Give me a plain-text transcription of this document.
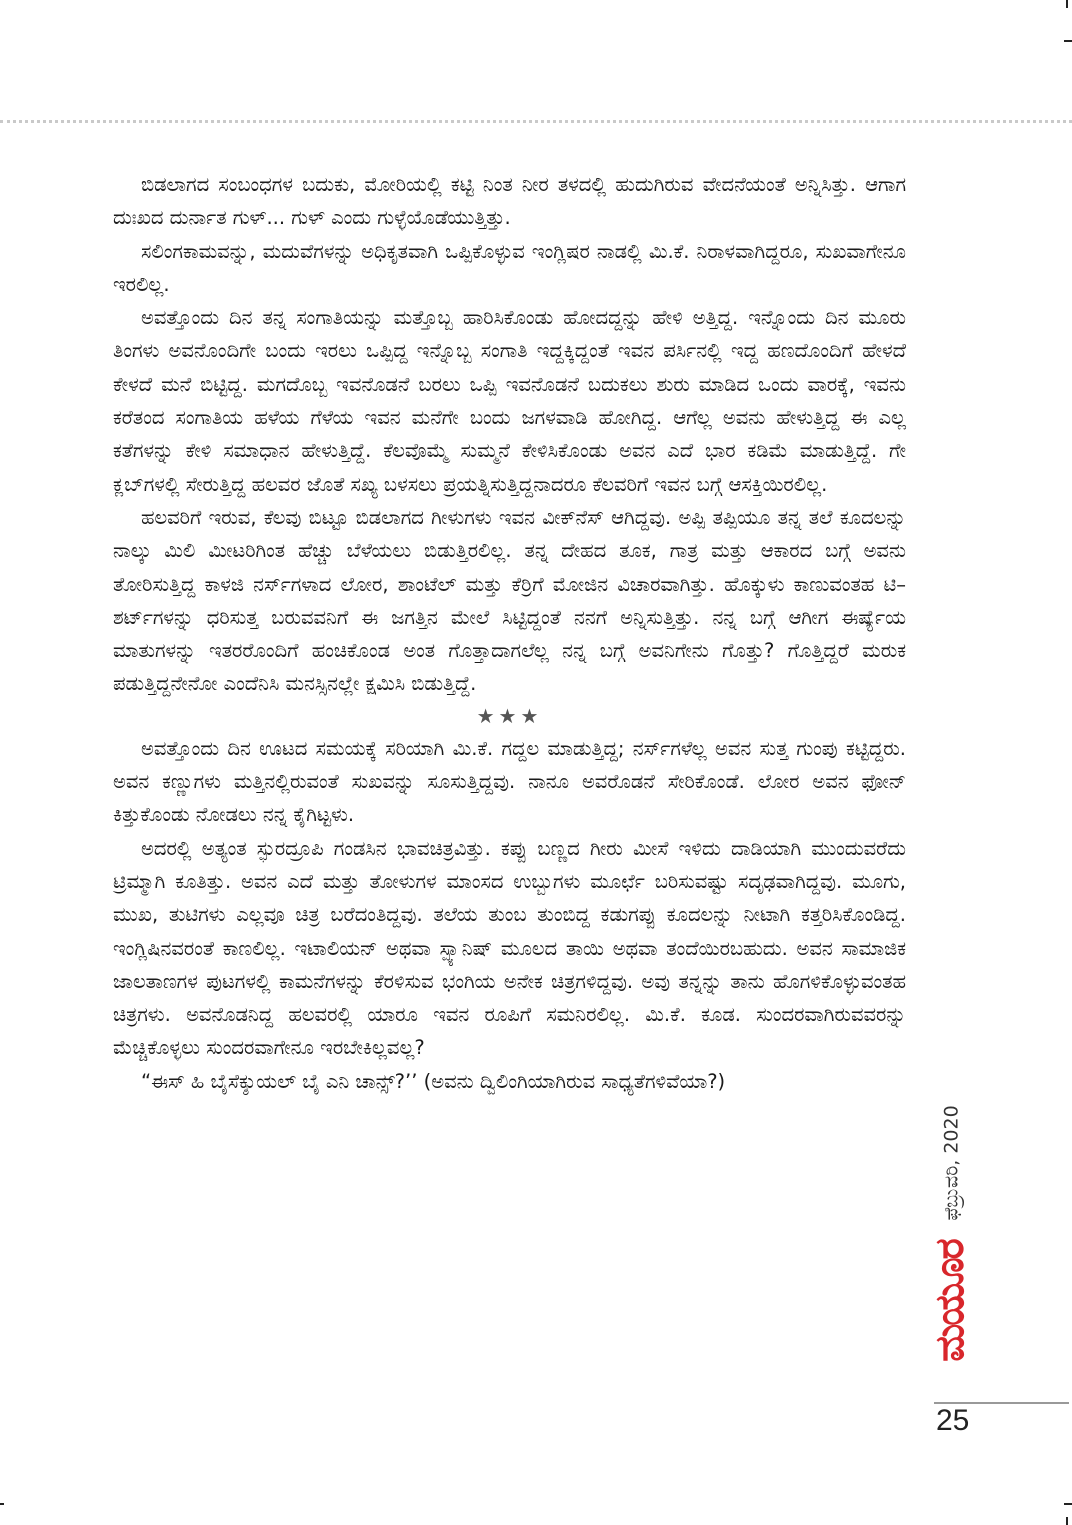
ಬಿಡಲಾಗದ ಸಂಬಂಧಗಳ ಬದುಕು, ಮೋರಿಯಲ್ಲಿ ಕಟ್ಟಿ ನಿಂತ ನೀರ ತಳದಲ್ಲಿ ಹುದುಗಿರುವ ವೇದನೆಯಂತೆ ಅನ್ನಿಸಿತ್ತು. ಆಗಾಗ ದುಃಖದ ದುರ್ನಾತ ಗುಳ್... ಗುಳ್ ಎಂದು ಗುಳ್ಳೆಯೊಡೆಯುತ್ತಿತ್ತು.

ಸಲಿಂಗಕಾಮವನ್ನು, ಮದುವೆಗಳನ್ನು ಅಧಿಕೃತವಾಗಿ ಒಪ್ಪಿಕೊಳ್ಳುವ ಇಂಗ್ಲಿಷರ ನಾಡಲ್ಲಿ ಮಿ.ಕೆ. ನಿರಾಳವಾಗಿದ್ದರೂ, ಸುಖವಾಗೇನೂ ಇರಲಿಲ್ಲ.

ಅವತ್ತೊಂದು ದಿನ ತನ್ನ ಸಂಗಾತಿಯನ್ನು ಮತ್ತೊಬ್ಬ ಹಾರಿಸಿಕೊಂಡು ಹೋದದ್ದನ್ನು ಹೇಳಿ ಅತ್ತಿದ್ದ. ಇನ್ನೊಂದು ದಿನ ಮೂರು ತಿಂಗಳು ಅವನೊಂದಿಗೇ ಬಂದು ಇರಲು ಒಪ್ಪಿದ್ದ ಇನ್ನೊಬ್ಬ ಸಂಗಾತಿ ಇದ್ದಕ್ಕಿದ್ದಂತೆ ಇವನ ಪರ್ಸಿನಲ್ಲಿ ಇದ್ದ ಹಣದೊಂದಿಗೆ ಹೇಳದೆ ಕೇಳದೆ ಮನೆ ಬಿಟ್ಟಿದ್ದ. ಮಗದೊಬ್ಬ ಇವನೊಡನೆ ಬರಲು ಒಪ್ಪಿ ಇವನೊಡನೆ ಬದುಕಲು ಶುರು ಮಾಡಿದ ಒಂದು ವಾರಕ್ಕೆ, ಇವನು ಕರೆತಂದ ಸಂಗಾತಿಯ ಹಳೆಯ ಗೆಳೆಯ ಇವನ ಮನೆಗೇ ಬಂದು ಜಗಳವಾಡಿ ಹೋಗಿದ್ದ. ಆಗೆಲ್ಲ ಅವನು ಹೇಳುತ್ತಿದ್ದ ಈ ಎಲ್ಲ ಕತೆಗಳನ್ನು ಕೇಳಿ ಸಮಾಧಾನ ಹೇಳುತ್ತಿದ್ದೆ. ಕೆಲವೊಮ್ಮೆ ಸುಮ್ಮನೆ ಕೇಳಿಸಿಕೊಂಡು ಅವನ ಎದೆ ಭಾರ ಕಡಿಮೆ ಮಾಡುತ್ತಿದ್ದೆ. ಗೇ ಕ್ಲಬ್‌ಗಳಲ್ಲಿ ಸೇರುತ್ತಿದ್ದ ಹಲವರ ಜೊತೆ ಸಖ್ಯ ಬಳಸಲು ಪ್ರಯತ್ನಿಸುತ್ತಿದ್ದನಾದರೂ ಕೆಲವರಿಗೆ ಇವನ ಬಗ್ಗೆ ಆಸಕ್ತಿಯಿರಲಿಲ್ಲ.

ಹಲವರಿಗೆ ಇರುವ, ಕೆಲವು ಬಿಟ್ಟೂ ಬಿಡಲಾಗದ ಗೀಳುಗಳು ಇವನ ವೀಕ್‌ನೆಸ್ ಆಗಿದ್ದವು. ಅಪ್ಪಿ ತಪ್ಪಿಯೂ ತನ್ನ ತಲೆ ಕೂದಲನ್ನು ನಾಲ್ಕು ಮಿಲಿ ಮೀಟರಿಗಿಂತ ಹೆಚ್ಚು ಬೆಳೆಯಲು ಬಿಡುತ್ತಿರಲಿಲ್ಲ. ತನ್ನ ದೇಹದ ತೂಕ, ಗಾತ್ರ ಮತ್ತು ಆಕಾರದ ಬಗ್ಗೆ ಅವನು ತೋರಿಸುತ್ತಿದ್ದ ಕಾಳಜಿ ನರ್ಸ್‌ಗಳಾದ ಲೋರ, ಶಾಂಟೆಲ್ ಮತ್ತು ಕೆರ್ರಿಗೆ ಮೋಜಿನ ವಿಚಾರವಾಗಿತ್ತು. ಹೊಕ್ಕುಳು ಕಾಣುವಂತಹ ಟಿ–ಶರ್ಟ್‌ಗಳನ್ನು ಧರಿಸುತ್ತ ಬರುವವನಿಗೆ ಈ ಜಗತ್ತಿನ ಮೇಲೆ ಸಿಟ್ಟಿದ್ದಂತೆ ನನಗೆ ಅನ್ನಿಸುತ್ತಿತ್ತು. ನನ್ನ ಬಗ್ಗೆ ಆಗೀಗ ಈರ್ಷ್ಯೆಯ ಮಾತುಗಳನ್ನು ಇತರರೊಂದಿಗೆ ಹಂಚಿಕೊಂಡ ಅಂತ ಗೊತ್ತಾದಾಗಲೆಲ್ಲ ನನ್ನ ಬಗ್ಗೆ ಅವನಿಗೇನು ಗೊತ್ತು? ಗೊತ್ತಿದ್ದರೆ ಮರುಕ ಪಡುತ್ತಿದ್ದನೇನೋ ಎಂದೆನಿಸಿ ಮನಸ್ಸಿನಲ್ಲೇ ಕ್ಷಮಿಸಿ ಬಿಡುತ್ತಿದ್ದೆ.

★★★

ಅವತ್ತೊಂದು ದಿನ ಊಟದ ಸಮಯಕ್ಕೆ ಸರಿಯಾಗಿ ಮಿ.ಕೆ. ಗದ್ದಲ ಮಾಡುತ್ತಿದ್ದ; ನರ್ಸ್‌ಗಳೆಲ್ಲ ಅವನ ಸುತ್ತ ಗುಂಪು ಕಟ್ಟಿದ್ದರು. ಅವನ ಕಣ್ಣುಗಳು ಮತ್ತಿನಲ್ಲಿರುವಂತೆ ಸುಖವನ್ನು ಸೂಸುತ್ತಿದ್ದವು. ನಾನೂ ಅವರೊಡನೆ ಸೇರಿಕೊಂಡೆ. ಲೋರ ಅವನ ಫೋನ್ ಕಿತ್ತುಕೊಂಡು ನೋಡಲು ನನ್ನ ಕೈಗಿಟ್ಟಳು.

ಅದರಲ್ಲಿ ಅತ್ಯಂತ ಸ್ಫುರದ್ರೂಪಿ ಗಂಡಸಿನ ಭಾವಚಿತ್ರವಿತ್ತು. ಕಪ್ಪು ಬಣ್ಣದ ಗೀರು ಮೀಸೆ ಇಳಿದು ದಾಡಿಯಾಗಿ ಮುಂದುವರೆದು ಟ್ರಿಮ್ಮಾಗಿ ಕೂತಿತ್ತು. ಅವನ ಎದೆ ಮತ್ತು ತೋಳುಗಳ ಮಾಂಸದ ಉಬ್ಬುಗಳು ಮೂರ್ಛೆ ಬರಿಸುವಷ್ಟು ಸದೃಢವಾಗಿದ್ದವು. ಮೂಗು, ಮುಖ, ತುಟಿಗಳು ಎಲ್ಲವೂ ಚಿತ್ರ ಬರೆದಂತಿದ್ದವು. ತಲೆಯ ತುಂಬ ತುಂಬಿದ್ದ ಕಡುಗಪ್ಪು ಕೂದಲನ್ನು ನೀಟಾಗಿ ಕತ್ತರಿಸಿಕೊಂಡಿದ್ದ. ಇಂಗ್ಲಿಷಿನವರಂತೆ ಕಾಣಲಿಲ್ಲ. ಇಟಾಲಿಯನ್ ಅಥವಾ ಸ್ಪ್ಯಾನಿಷ್ ಮೂಲದ ತಾಯಿ ಅಥವಾ ತಂದೆಯಿರಬಹುದು. ಅವನ ಸಾಮಾಜಿಕ ಜಾಲತಾಣಗಳ ಪುಟಗಳಲ್ಲಿ ಕಾಮನೆಗಳನ್ನು ಕೆರಳಿಸುವ ಭಂಗಿಯ ಅನೇಕ ಚಿತ್ರಗಳಿದ್ದವು. ಅವು ತನ್ನನ್ನು ತಾನು ಹೊಗಳಿಕೊಳ್ಳುವಂತಹ ಚಿತ್ರಗಳು. ಅವನೊಡನಿದ್ದ ಹಲವರಲ್ಲಿ ಯಾರೂ ಇವನ ರೂಪಿಗೆ ಸಮನಿರಲಿಲ್ಲ. ಮಿ.ಕೆ. ಕೂಡ. ಸುಂದರವಾಗಿರುವವರನ್ನು ಮೆಚ್ಚಿಕೊಳ್ಳಲು ಸುಂದರವಾಗೇನೂ ಇರಬೇಕಿಲ್ಲವಲ್ಲ?

“ಈಸ್ ಹಿ ಬೈಸೆಕ್ಶುಯಲ್ ಬೈ ಎನಿ ಚಾನ್ಸ್?’’ (ಅವನು ದ್ವಿಲಿಂಗಿಯಾಗಿರುವ ಸಾಧ್ಯತೆಗಳಿವೆಯಾ?)

ಫೆಬ್ರುವರಿ, 2020
ಮಯೂರ
25
